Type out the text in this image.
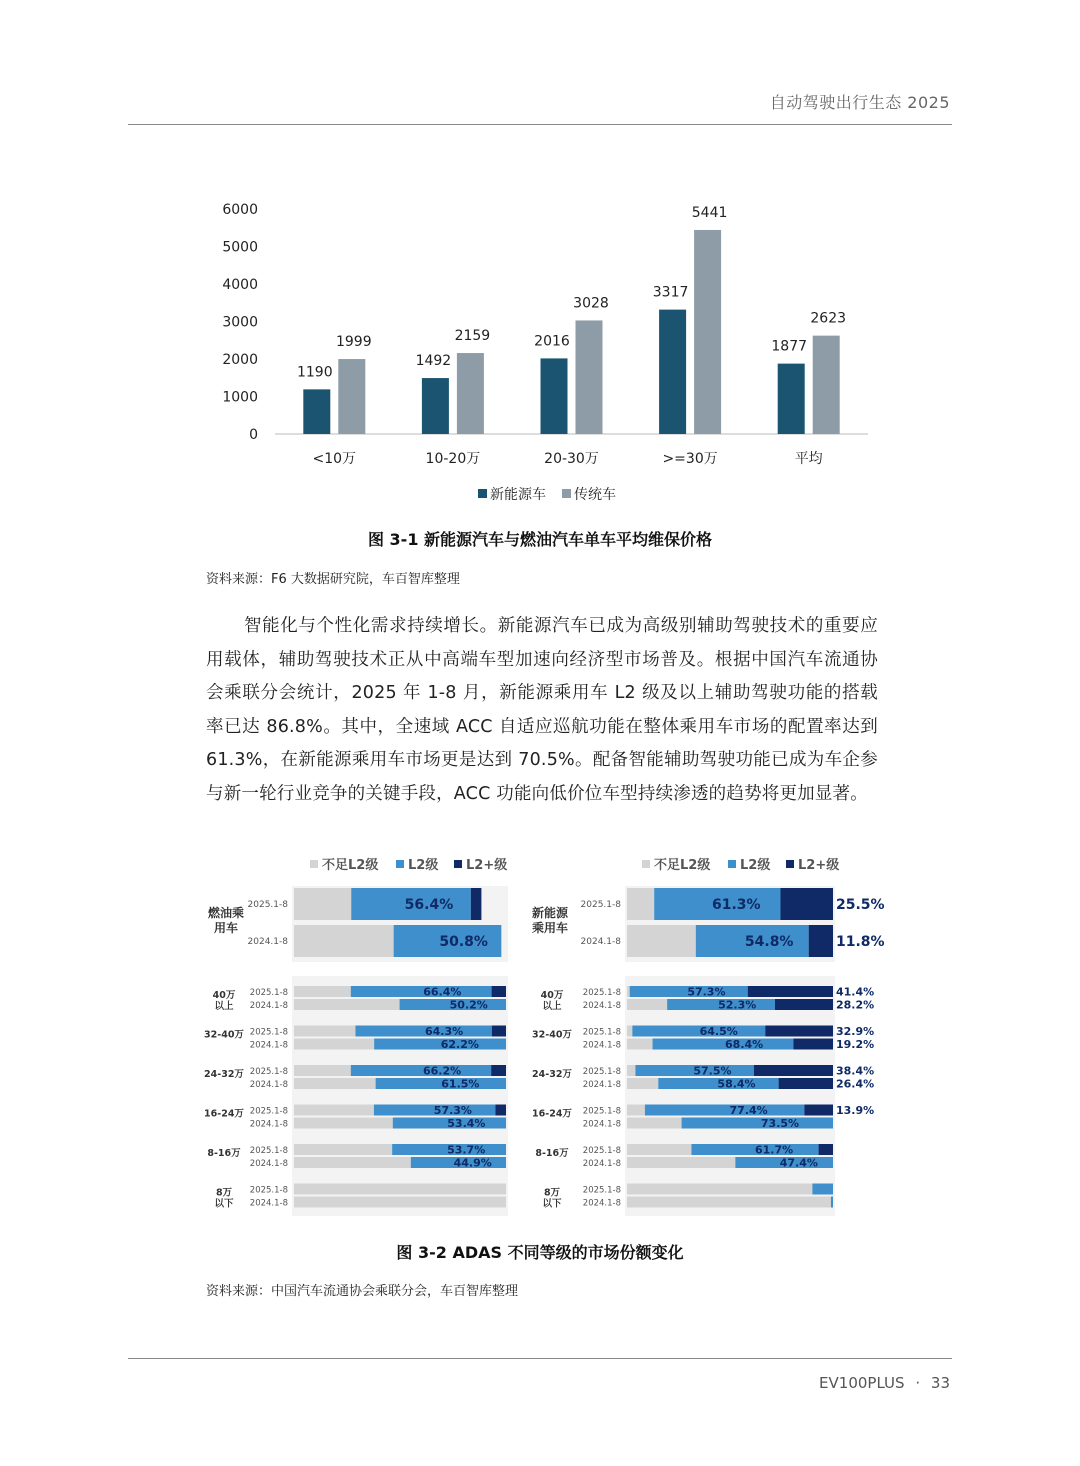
自动驾驶出行生态 2025
0
1000
2000
3000
4000
5000
6000
1190
1999
<10万
1492
2159
10-20万
2016
3028
20-30万
3317
5441
>=30万
1877
2623
平均
新能源车 传统车
图 3-1 新能源汽车与燃油汽车单车平均维保价格
资料来源：F6 大数据研究院，车百智库整理

智能化与个性化需求持续增长。新能源汽车已成为高级别辅助驾驶技术的重要应用载体，辅助驾驶技术正从中高端车型加速向经济型市场普及。根据中国汽车流通协会乘联分会统计，2025 年 1-8 月，新能源乘用车 L2 级及以上辅助驾驶功能的搭载率已达 86.8%。其中，全速域 ACC 自适应巡航功能在整体乘用车市场的配置率达到 61.3%，在新能源乘用车市场更是达到 70.5%。配备智能辅助驾驶功能已成为车企参与新一轮行业竞争的关键手段，ACC 功能向低价位车型持续渗透的趋势将更加显著。

不足L2级 L2级 L2+级	不足L2级 L2级 L2+级
燃油乘
用车
2025.1-8	56.4%
2024.1-8	50.8%
40万
以上
2025.1-8	66.4%
2024.1-8	50.2%
32-40万 2025.1-8	64.3%
2024.1-8	62.2%
24-32万 2025.1-8	66.2%
2024.1-8	61.5%
16-24万 2025.1-8	57.3%
2024.1-8	53.4%
8-16万 2025.1-8	53.7%
2024.1-8	44.9%
8万
以下
2025.1-8
2024.1-8
新能源
乘用车
2025.1-8	61.3%	25.5%
2024.1-8	54.8%	11.8%
40万
以上
2025.1-8	57.3%	41.4%
2024.1-8	52.3%	28.2%
32-40万 2025.1-8	64.5%	32.9%
2024.1-8	68.4%	19.2%
24-32万 2025.1-8	57.5%	38.4%
2024.1-8	58.4%	26.4%
16-24万 2025.1-8	77.4%	13.9%
2024.1-8	73.5%
8-16万 2025.1-8	61.7%
2024.1-8	47.4%
8万
以下
2025.1-8
2024.1-8
图 3-2 ADAS 不同等级的市场份额变化
资料来源：中国汽车流通协会乘联分会，车百智库整理
EV100PLUS · 33
